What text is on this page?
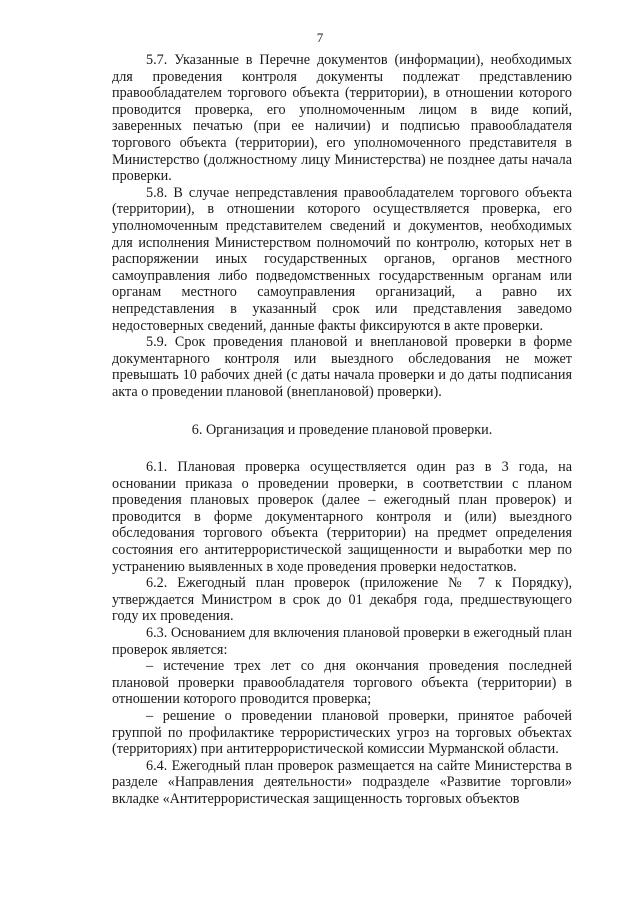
7

5.7. Указанные в Перечне документов (информации), необходимых для проведения контроля документы подлежат представлению правообладателем торгового объекта (территории), в отношении которого проводится проверка, его уполномоченным лицом в виде копий, заверенных печатью (при ее наличии) и подписью правообладателя торгового объекта (территории), его уполномоченного представителя в Министерство (должностному лицу Министерства) не позднее даты начала проверки.

5.8. В случае непредставления правообладателем торгового объекта (территории), в отношении которого осуществляется проверка, его уполномоченным представителем сведений и документов, необходимых для исполнения Министерством полномочий по контролю, которых нет в распоряжении иных государственных органов, органов местного самоуправления либо подведомственных государственным органам или органам местного самоуправления организаций, а равно их непредставления в указанный срок или представления заведомо недостоверных сведений, данные факты фиксируются в акте проверки.

5.9. Срок проведения плановой и внеплановой проверки в форме документарного контроля или выездного обследования не может превышать 10 рабочих дней (с даты начала проверки и до даты подписания акта о проведении плановой (внеплановой) проверки).

6. Организация и проведение плановой проверки.

6.1. Плановая проверка осуществляется один раз в 3 года, на основании приказа о проведении проверки, в соответствии с планом проведения плановых проверок (далее – ежегодный план проверок) и проводится в форме документарного контроля и (или) выездного обследования торгового объекта (территории) на предмет определения состояния его антитеррористической защищенности и выработки мер по устранению выявленных в ходе проведения проверки недостатков.

6.2. Ежегодный план проверок (приложение № 7 к Порядку), утверждается Министром в срок до 01 декабря года, предшествующего году их проведения.

6.3. Основанием для включения плановой проверки в ежегодный план проверок является:

– истечение трех лет со дня окончания проведения последней плановой проверки правообладателя торгового объекта (территории) в отношении которого проводится проверка;

– решение о проведении плановой проверки, принятое рабочей группой по профилактике террористических угроз на торговых объектах (территориях) при антитеррористической комиссии Мурманской области.

6.4. Ежегодный план проверок размещается на сайте Министерства в разделе «Направления деятельности» подразделе «Развитие торговли» вкладке «Антитеррористическая защищенность торговых объектов
